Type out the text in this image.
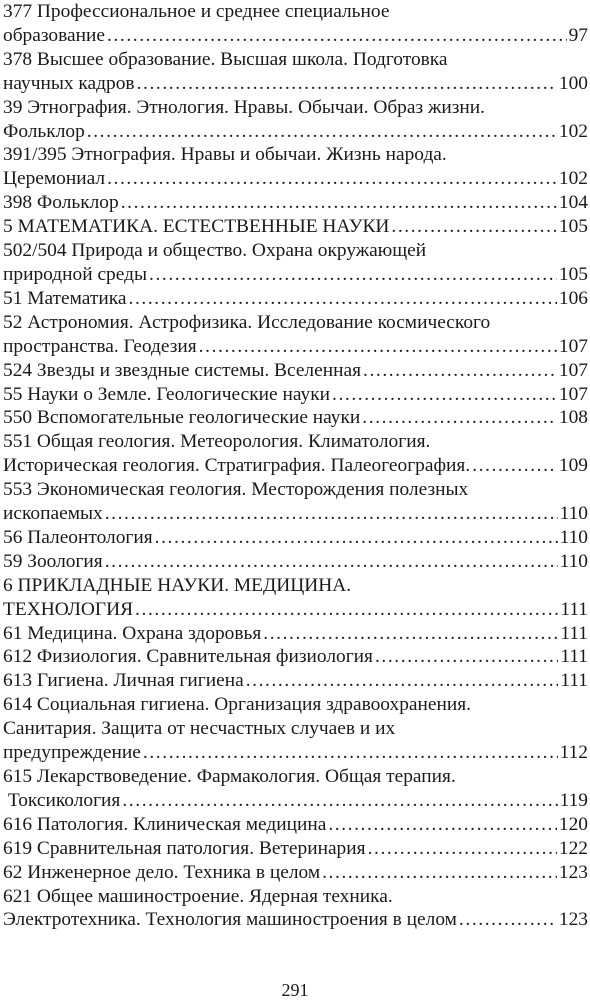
377 Профессиональное и среднее специальное
образование .....	97
378 Высшее образование. Высшая школа. Подготовка
научных кадров .....	100
39 Этнография. Этнология. Нравы. Обычаи. Образ жизни.
Фольклор .....	102
391/395 Этнография. Нравы и обычаи. Жизнь народа.
Церемониал .....	102
398 Фольклор .....	104
5 МАТЕМАТИКА. ЕСТЕСТВЕННЫЕ НАУКИ .....	105
502/504 Природа и общество. Охрана окружающей
природной среды .....	105
51 Математика .....	106
52 Астрономия. Астрофизика. Исследование космического
пространства. Геодезия .....	107
524 Звезды и звездные системы. Вселенная .....	107
55 Науки о Земле. Геологические науки .....	107
550 Вспомогательные геологические науки .....	108
551 Общая геология. Метеорология. Климатология.
Историческая геология. Стратиграфия. Палеогеография. .....	109
553 Экономическая геология. Месторождения полезных
ископаемых .....	110
56 Палеонтология .....	110
59 Зоология .....	110
6 ПРИКЛАДНЫЕ НАУКИ. МЕДИЦИНА.
ТЕХНОЛОГИЯ .....	111
61 Медицина. Охрана здоровья .....	111
612 Физиология. Сравнительная физиология .....	111
613 Гигиена. Личная гигиена .....	111
614 Социальная гигиена. Организация здравоохранения.
Санитария. Защита от несчастных случаев и их
предупреждение .....	112
615 Лекарствоведение. Фармакология. Общая терапия.
Токсикология .....	119
616 Патология. Клиническая медицина .....	120
619 Сравнительная патология. Ветеринария .....	122
62 Инженерное дело. Техника в целом .....	123
621 Общее машиностроение. Ядерная техника.
Электротехника. Технология машиностроения в целом .....	123
291
